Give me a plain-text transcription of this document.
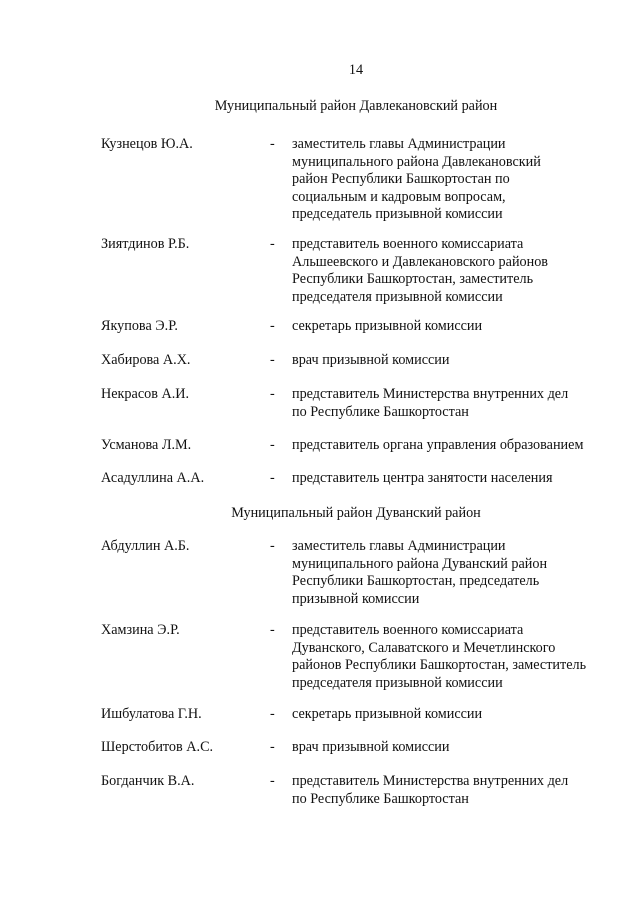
14
Муниципальный район Давлекановский район
Кузнецов Ю.А.	- заместитель главы Администрации
муниципального района Давлекановский
район Республики Башкортостан по
социальным и кадровым вопросам,
председатель призывной комиссии
Зиятдинов Р.Б.	- представитель военного комиссариата
Альшеевского и Давлекановского районов
Республики Башкортостан, заместитель
председателя призывной комиссии
Якупова Э.Р.	- секретарь призывной комиссии
Хабирова А.Х.	- врач призывной комиссии
Некрасов А.И.	- представитель Министерства внутренних дел
по Республике Башкортостан
Усманова Л.М.	- представитель органа управления образованием
Асадуллина А.А.	- представитель центра занятости населения
Муниципальный район Дуванский район
Абдуллин А.Б.	- заместитель главы Администрации
муниципального района Дуванский район
Республики Башкортостан, председатель
призывной комиссии
Хамзина Э.Р.	- представитель военного комиссариата
Дуванского, Салаватского и Мечетлинского
районов Республики Башкортостан, заместитель
председателя призывной комиссии
Ишбулатова Г.Н.	- секретарь призывной комиссии
Шерстобитов А.С.	- врач призывной комиссии
Богданчик В.А.	- представитель Министерства внутренних дел
по Республике Башкортостан
